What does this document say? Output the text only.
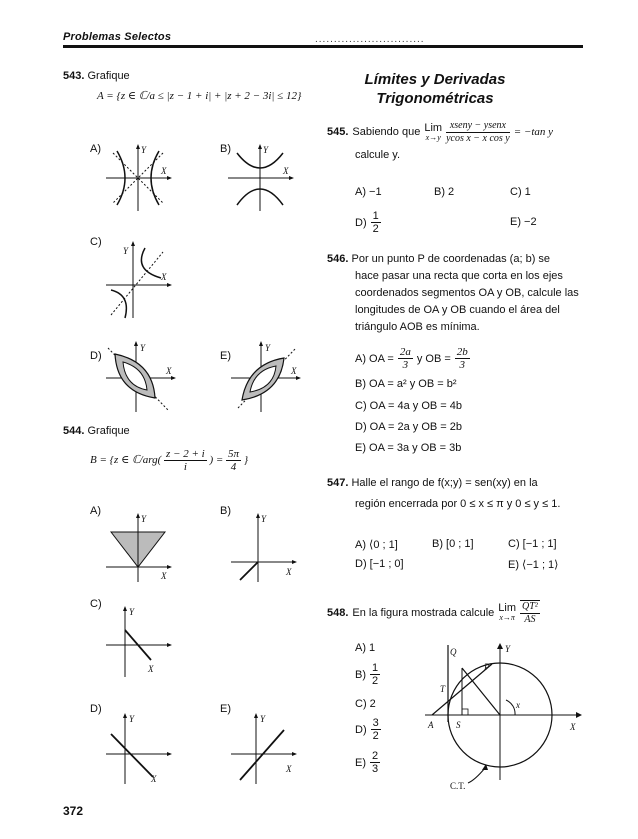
Problemas Selectos	.............................
Límites y Derivadas
Trigonométricas
543. Grafique
A = {z ∈ ℂ/a ≤ |z − 1 + i| + |z + 2 − 3i| ≤ 12}
A)	B)
C)
D)	E)
Y
X
Y
X
Y
X
Y
X
Y
X
544. Grafique
B = {z ∈ ℂ/arg( $\frac{z - 2 + i}{i}$ ) = $\frac{5\pi}{4}$ }
A)	B)
C)
D)	E)
Y
X
Y
X
Y
X
Y
X
Y
X
545. Sabiendo que Lim
$x\to y \frac{\text{xseny − ysenx}}{\text{ycos x − x cos y}} = -\tan$ y
calcule y.
A) −1	B) 2	C) 1
$D) \frac{1}{2}$	E) −2
546. Por un punto P de coordenadas (a; b) se
hace pasar una recta que corta en los ejes
coordenados segmentos OA y OB, calcule las
longitudes de OA y OB cuando el área del
triángulo AOB es mínima.
A) OA = $\frac{2a}{3}$ y OB = $\frac{2b}{3}$
B) OA = a² y OB = b²
C) OA = 4a y OB = 4b
D) OA = 2a y OB = 2b
E) OA = 3a y OB = 3b
547. Halle el rango de f(x;y) = sen(xy) en la
región encerrada por 0 ≤ x ≤ π y 0 ≤ y ≤ 1.
A) ⟨0 ; 1]	B) [0 ; 1]	C) [−1 ; 1]
D) [−1 ; 0]	E) ⟨−1 ; 1⟩
548. En la figura mostrada calcule Lim
$x\to\pi \frac{\text{QT²}}{AS}$
A) 1
$B) \frac{1}{2}$
C) 2
$D) \frac{3}{2}$
$E) \frac{2}{3}$
Q
P
T
A	S
x
X
Y
C.T.
372
